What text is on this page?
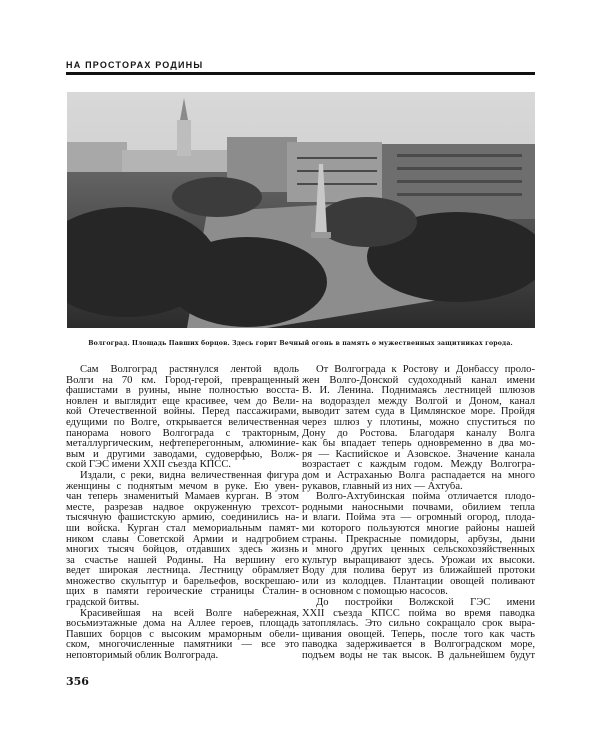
НА ПРОСТОРАХ РОДИНЫ
Волгоград. Площадь Павших борцов. Здесь горит Вечный огонь в память о мужественных защитниках города.
Сам Волгоград растянулся лентой вдоль
Волги на 70 км. Город-герой, превращенный
фашистами в руины, ныне полностью восста-
новлен и выглядит еще красивее, чем до Вели-
кой Отечественной войны. Перед пассажирами,
едущими по Волге, открывается величественная
панорама нового Волгограда с тракторным,
металлургическим, нефтеперегонным, алюминие-
вым и другими заводами, судоверфью, Волж-
ской ГЭС имени XXII съезда КПСС.
Издали, с реки, видна величественная фигура
женщины с поднятым мечом в руке. Ею увен-
чан теперь знаменитый Мамаев курган. В этом
месте, разрезав надвое окруженную трехсот-
тысячную фашистскую армию, соединились на-
ши войска. Курган стал мемориальным памят-
ником славы Советской Армии и надгробием
многих тысяч бойцов, отдавших здесь жизнь
за счастье нашей Родины. На вершину его
ведет широкая лестница. Лестницу обрамляет
множество скульптур и барельефов, воскрешаю-
щих в памяти героические страницы Сталин-
градской битвы.
Красивейшая на всей Волге набережная,
восьмиэтажные дома на Аллее героев, площадь
Павших борцов с высоким мраморным обели-
ском, многочисленные памятники — все это
неповторимый облик Волгограда.
От Волгограда к Ростову и Донбассу проло-
жен Волго-Донской судоходный канал имени
В. И. Ленина. Поднимаясь лестницей шлюзов
на водораздел между Волгой и Доном, канал
выводит затем суда в Цимлянское море. Пройдя
через шлюз у плотины, можно спуститься по
Дону до Ростова. Благодаря каналу Волга
как бы впадает теперь одновременно в два мо-
ря — Каспийское и Азовское. Значение канала
возрастает с каждым годом. Между Волгогра-
дом и Астраханью Волга распадается на много
рукавов, главный из них — Ахтуба.
Волго-Ахтубинская пойма отличается плодо-
родными наносными почвами, обилием тепла
и влаги. Пойма эта — огромный огород, плода-
ми которого пользуются многие районы нашей
страны. Прекрасные помидоры, арбузы, дыни
и много других ценных сельскохозяйственных
культур выращивают здесь. Урожаи их высоки.
Воду для полива берут из ближайшей протоки
или из колодцев. Плантации овощей поливают
в основном с помощью насосов.
До постройки Волжской ГЭС имени
XXII съезда КПСС пойма во время паводка
затоплялась. Это сильно сокращало срок выра-
щивания овощей. Теперь, после того как часть
паводка задерживается в Волгоградском море,
подъем воды не так высок. В дальнейшем будут
356
